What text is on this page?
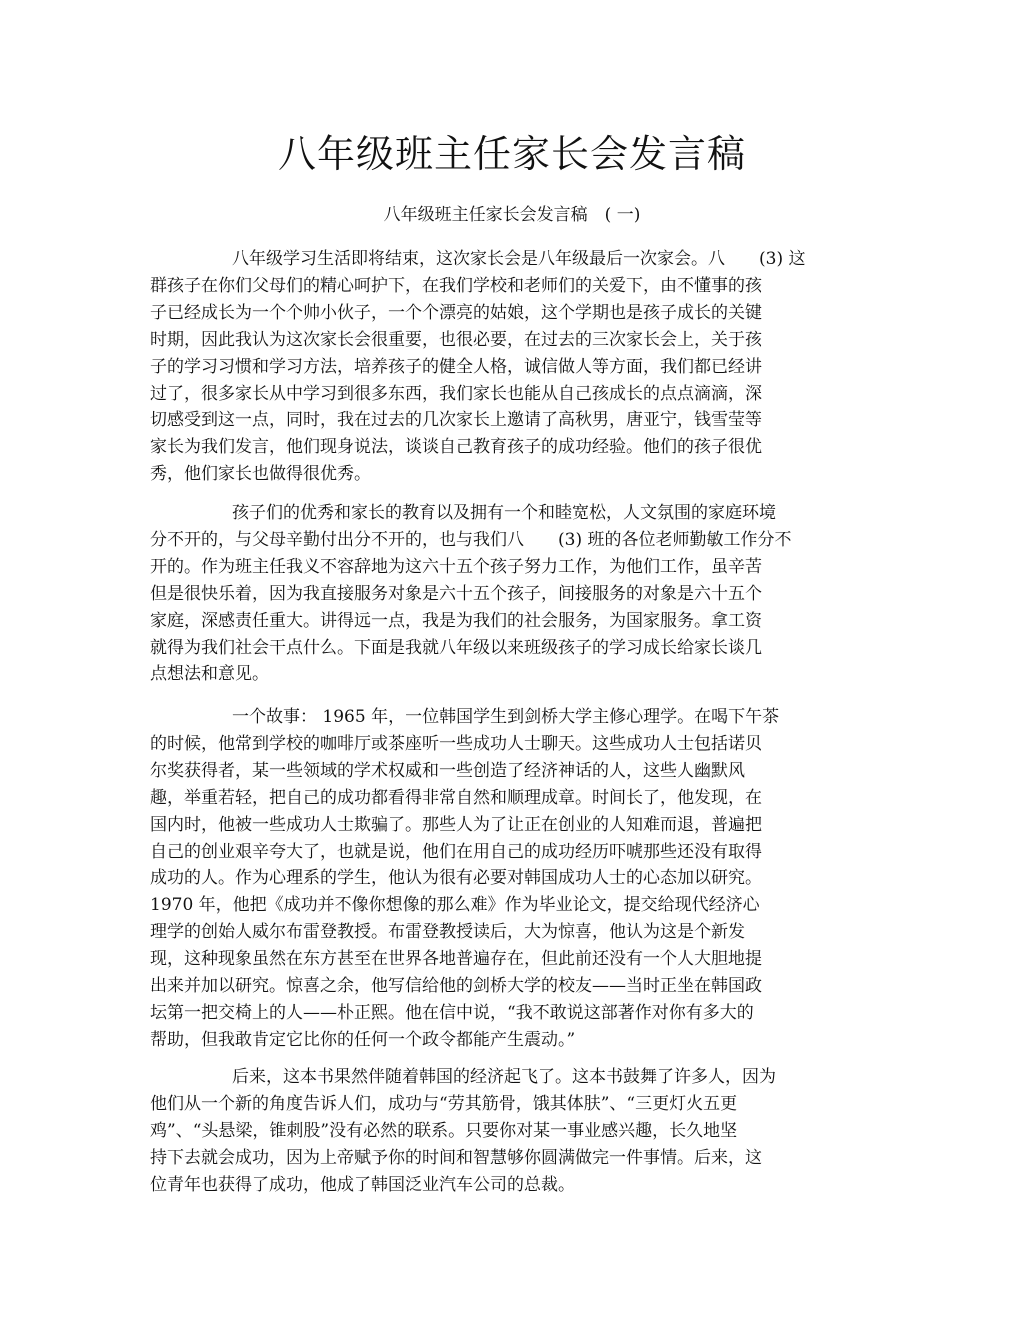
八年级班主任家长会发言稿
八年级班主任家长会发言稿　( 一)
八年级学习生活即将结束，这次家长会是八年级最后一次家会。八　　(3) 这
群孩子在你们父母们的精心呵护下，在我们学校和老师们的关爱下，由不懂事的孩
子已经成长为一个个帅小伙子，一个个漂亮的姑娘，这个学期也是孩子成长的关键
时期，因此我认为这次家长会很重要，也很必要，在过去的三次家长会上，关于孩
子的学习习惯和学习方法，培养孩子的健全人格，诚信做人等方面，我们都已经讲
过了，很多家长从中学习到很多东西，我们家长也能从自己孩成长的点点滴滴，深
切感受到这一点，同时，我在过去的几次家长上邀请了高秋男，唐亚宁，钱雪莹等
家长为我们发言，他们现身说法，谈谈自己教育孩子的成功经验。他们的孩子很优
秀，他们家长也做得很优秀。
孩子们的优秀和家长的教育以及拥有一个和睦宽松，人文氛围的家庭环境
分不开的，与父母辛勤付出分不开的，也与我们八　　(3) 班的各位老师勤敏工作分不
开的。作为班主任我义不容辞地为这六十五个孩子努力工作，为他们工作，虽辛苦
但是很快乐着，因为我直接服务对象是六十五个孩子，间接服务的对象是六十五个
家庭，深感责任重大。讲得远一点，我是为我们的社会服务，为国家服务。拿工资
就得为我们社会干点什么。下面是我就八年级以来班级孩子的学习成长给家长谈几
点想法和意见。
一个故事： 1965 年，一位韩国学生到剑桥大学主修心理学。在喝下午茶
的时候，他常到学校的咖啡厅或茶座听一些成功人士聊天。这些成功人士包括诺贝
尔奖获得者，某一些领域的学术权威和一些创造了经济神话的人，这些人幽默风
趣，举重若轻，把自己的成功都看得非常自然和顺理成章。时间长了，他发现，在
国内时，他被一些成功人士欺骗了。那些人为了让正在创业的人知难而退，普遍把
自己的创业艰辛夸大了，也就是说，他们在用自己的成功经历吓唬那些还没有取得
成功的人。作为心理系的学生，他认为很有必要对韩国成功人士的心态加以研究。
1970 年，他把《成功并不像你想像的那么难》作为毕业论文，提交给现代经济心
理学的创始人威尔布雷登教授。布雷登教授读后，大为惊喜，他认为这是个新发
现，这种现象虽然在东方甚至在世界各地普遍存在，但此前还没有一个人大胆地提
出来并加以研究。惊喜之余，他写信给他的剑桥大学的校友——当时正坐在韩国政
坛第一把交椅上的人——朴正熙。他在信中说，“我不敢说这部著作对你有多大的
帮助，但我敢肯定它比你的任何一个政令都能产生震动。”
后来，这本书果然伴随着韩国的经济起飞了。这本书鼓舞了许多人，因为
他们从一个新的角度告诉人们，成功与“劳其筋骨，饿其体肤”、“三更灯火五更
鸡”、“头悬梁，锥刺股”没有必然的联系。只要你对某一事业感兴趣，长久地坚
持下去就会成功，因为上帝赋予你的时间和智慧够你圆满做完一件事情。后来，这
位青年也获得了成功，他成了韩国泛业汽车公司的总裁。
